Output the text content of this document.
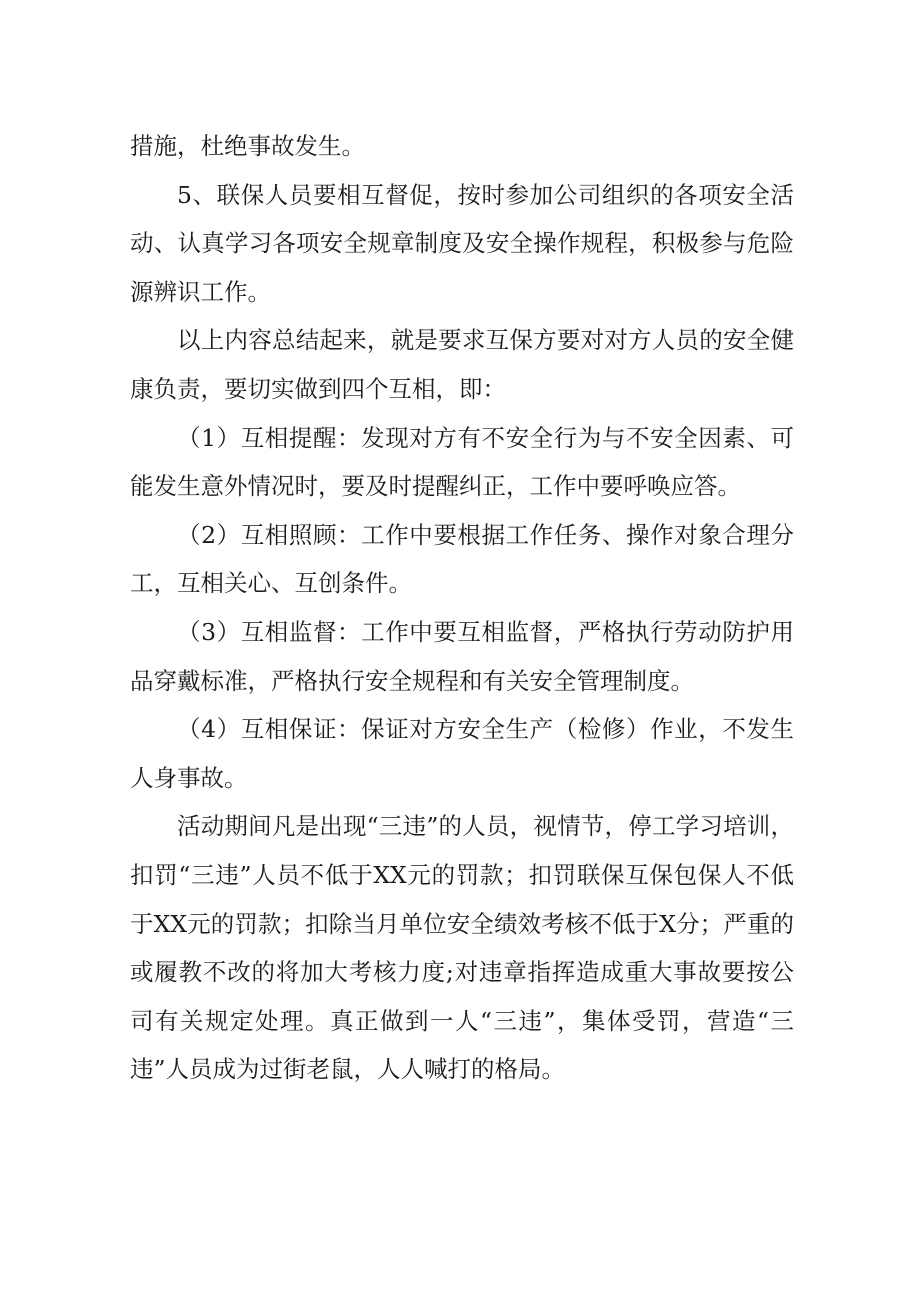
措施，杜绝事故发生。

5、联保人员要相互督促，按时参加公司组织的各项安全活动、认真学习各项安全规章制度及安全操作规程，积极参与危险源辨识工作。

以上内容总结起来，就是要求互保方要对对方人员的安全健康负责，要切实做到四个互相，即：

（1）互相提醒：发现对方有不安全行为与不安全因素、可能发生意外情况时，要及时提醒纠正，工作中要呼唤应答。

（2）互相照顾：工作中要根据工作任务、操作对象合理分工，互相关心、互创条件。

（3）互相监督：工作中要互相监督，严格执行劳动防护用品穿戴标准，严格执行安全规程和有关安全管理制度。

（4）互相保证：保证对方安全生产（检修）作业，不发生人身事故。

活动期间凡是出现“三违”的人员，视情节，停工学习培训，扣罚“三违”人员不低于XX元的罚款；扣罚联保互保包保人不低于XX元的罚款；扣除当月单位安全绩效考核不低于X分；严重的或履教不改的将加大考核力度;对违章指挥造成重大事故要按公司有关规定处理。真正做到一人“三违”，集体受罚，营造“三违”人员成为过街老鼠，人人喊打的格局。
